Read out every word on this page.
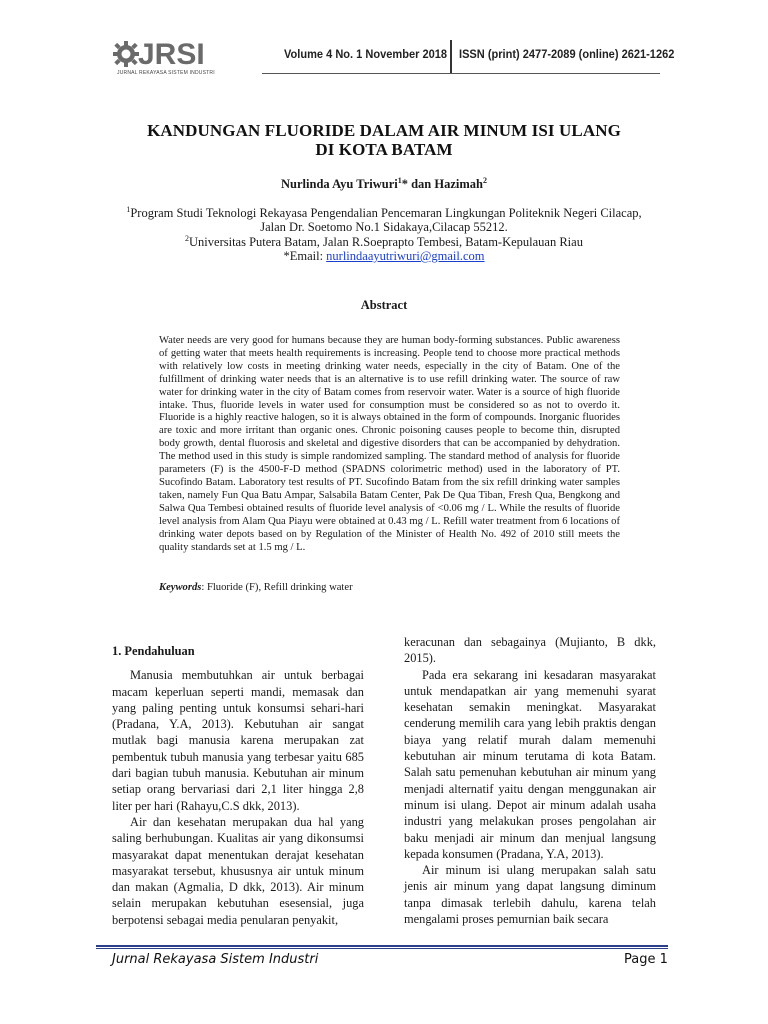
JRSI
JURNAL REKAYASA SISTEM INDUSTRI
Volume 4 No. 1 November 2018 ISSN (print) 2477-2089 (online) 2621-1262
KANDUNGAN FLUORIDE DALAM AIR MINUM ISI ULANG
DI KOTA BATAM
Nurlinda Ayu Triwuri$^1$* dan Hazimah$^2$
$^1$Program Studi Teknologi Rekayasa Pengendalian Pencemaran Lingkungan Politeknik Negeri Cilacap,
Jalan Dr. Soetomo No.1 Sidakaya,Cilacap 55212.
$^2$Universitas Putera Batam, Jalan R.Soeprapto Tembesi, Batam-Kepulauan Riau
*Email: nurlindaayutriwuri@gmail.com
Abstract
Water needs are very good for humans because they are human body-forming substances. Public awareness of getting water that meets health requirements is increasing. People tend to choose more practical methods with relatively low costs in meeting drinking water needs, especially in the city of Batam. One of the fulfillment of drinking water needs that is an alternative is to use refill drinking water. The source of raw water for drinking water in the city of Batam comes from reservoir water. Water is a source of high fluoride intake. Thus, fluoride levels in water used for consumption must be considered so as not to overdo it. Fluoride is a highly reactive halogen, so it is always obtained in the form of compounds. Inorganic fluorides are toxic and more irritant than organic ones. Chronic poisoning causes people to become thin, disrupted body growth, dental fluorosis and skeletal and digestive disorders that can be accompanied by dehydration. The method used in this study is simple randomized sampling. The standard method of analysis for fluoride parameters (F) is the 4500-F-D method (SPADNS colorimetric method) used in the laboratory of PT. Sucofindo Batam. Laboratory test results of PT. Sucofindo Batam from the six refill drinking water samples taken, namely Fun Qua Batu Ampar, Salsabila Batam Center, Pak De Qua Tiban, Fresh Qua, Bengkong and Salwa Qua Tembesi obtained results of fluoride level analysis of <0.06 mg / L. While the results of fluoride level analysis from Alam Qua Piayu were obtained at 0.43 mg / L. Refill water treatment from 6 locations of drinking water depots based on by Regulation of the Minister of Health No. 492 of 2010 still meets the quality standards set at 1.5 mg / L.
Keywords: Fluoride (F), Refill drinking water

1. Pendahuluan

Manusia membutuhkan air untuk berbagai macam keperluan seperti mandi, memasak dan yang paling penting untuk konsumsi sehari-hari (Pradana, Y.A, 2013). Kebutuhan air sangat mutlak bagi manusia karena merupakan zat pembentuk tubuh manusia yang terbesar yaitu 685 dari bagian tubuh manusia. Kebutuhan air minum setiap orang bervariasi dari 2,1 liter hingga 2,8 liter per hari (Rahayu,C.S dkk, 2013).

Air dan kesehatan merupakan dua hal yang saling berhubungan. Kualitas air yang dikonsumsi masyarakat dapat menentukan derajat kesehatan masyarakat tersebut, khususnya air untuk minum dan makan (Agmalia, D dkk, 2013). Air minum selain merupakan kebutuhan esesensial, juga berpotensi sebagai media penularan penyakit,

keracunan dan sebagainya (Mujianto, B dkk, 2015).

Pada era sekarang ini kesadaran masyarakat untuk mendapatkan air yang memenuhi syarat kesehatan semakin meningkat. Masyarakat cenderung memilih cara yang lebih praktis dengan biaya yang relatif murah dalam memenuhi kebutuhan air minum terutama di kota Batam. Salah satu pemenuhan kebutuhan air minum yang menjadi alternatif yaitu dengan menggunakan air minum isi ulang. Depot air minum adalah usaha industri yang melakukan proses pengolahan air baku menjadi air minum dan menjual langsung kepada konsumen (Pradana, Y.A, 2013).

Air minum isi ulang merupakan salah satu jenis air minum yang dapat langsung diminum tanpa dimasak terlebih dahulu, karena telah mengalami proses pemurnian baik secara

Jurnal Rekayasa Sistem Industri	Page 1
